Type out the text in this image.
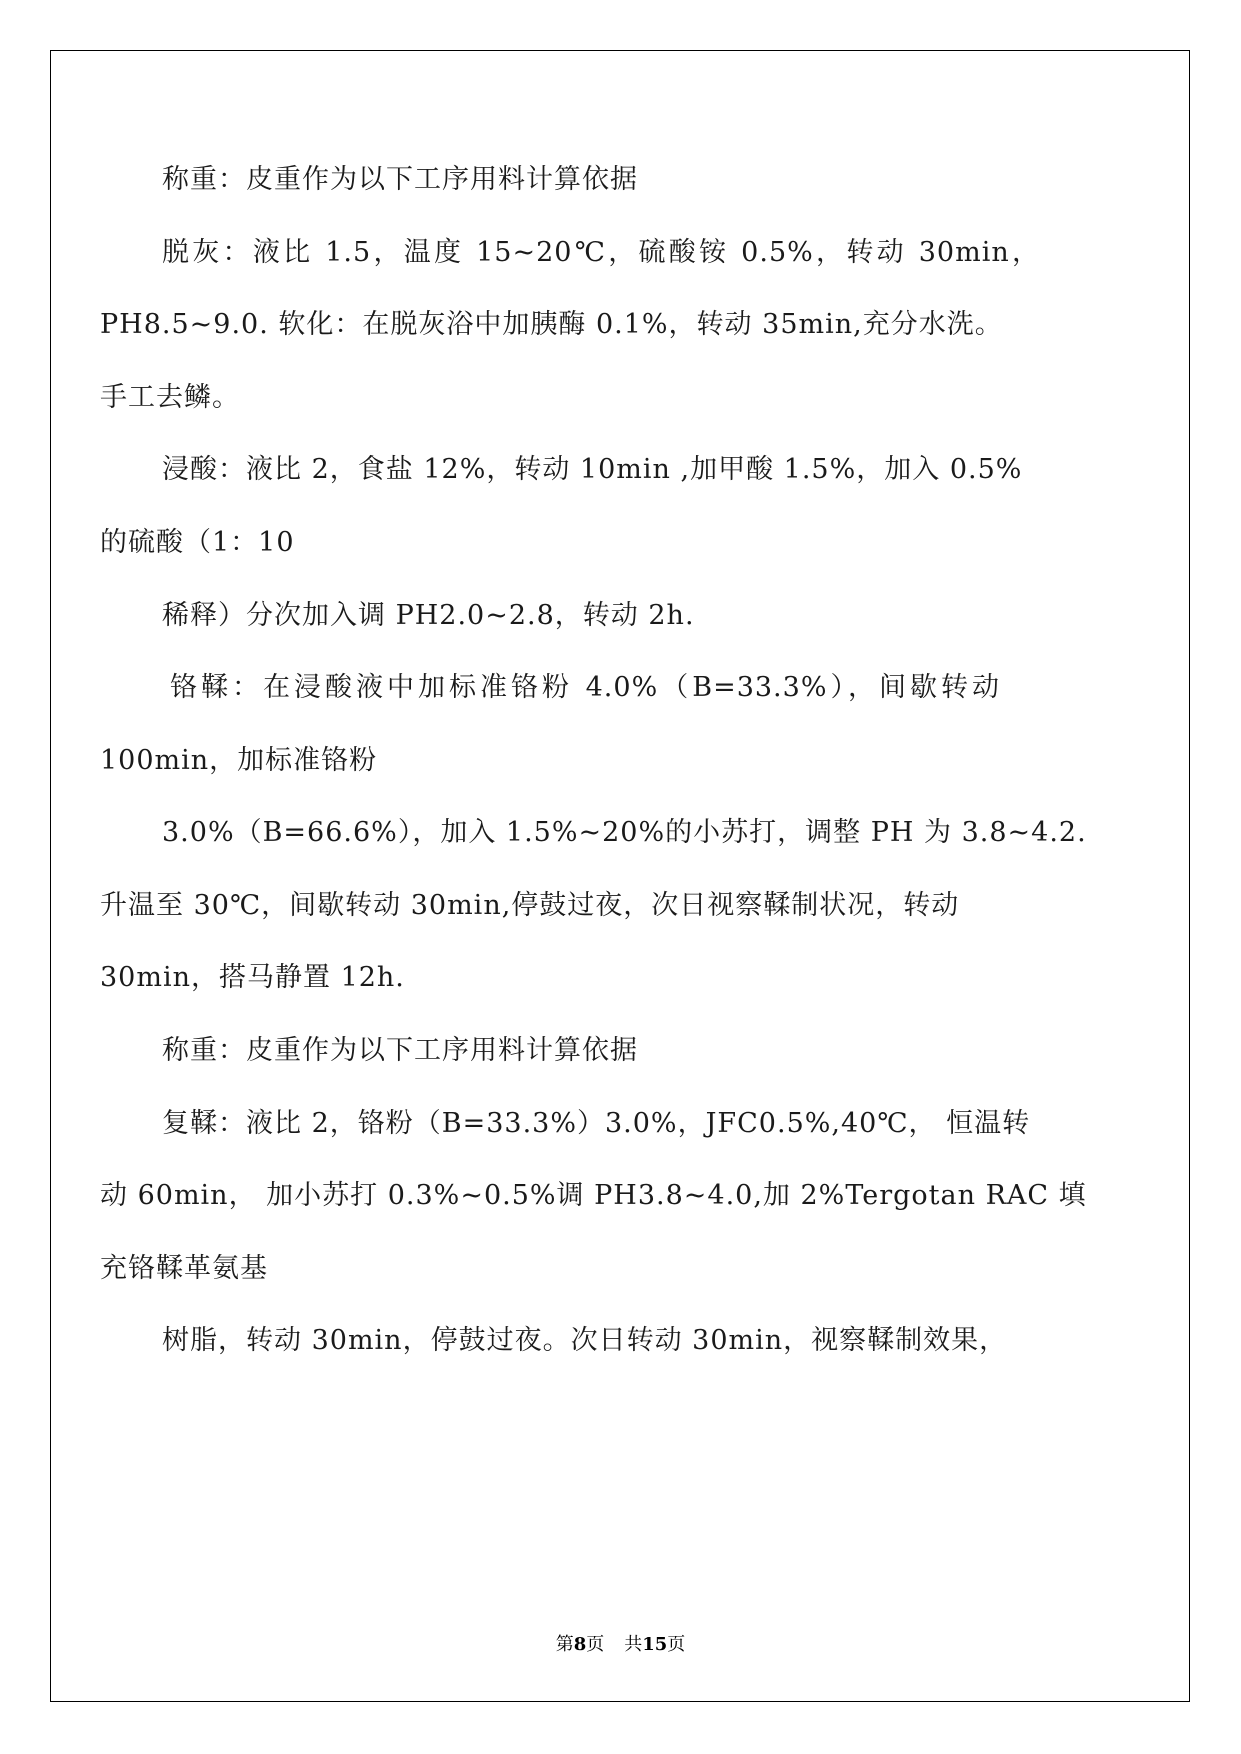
称重：皮重作为以下工序用料计算依据
脱灰：液比 1.5，温度 15~20℃，硫酸铵 0.5%，转动 30min，
PH8.5~9.0. 软化：在脱灰浴中加胰酶 0.1%，转动 35min,充分水洗。
手工去鳞。
浸酸：液比 2，食盐 12%，转动 10min ,加甲酸 1.5%，加入 0.5%
的硫酸（1：10
稀释）分次加入调 PH2.0~2.8，转动 2h.
铬鞣：在浸酸液中加标准铬粉 4.0%（B=33.3%），间歇转动
100min，加标准铬粉
3.0%（B=66.6%），加入 1.5%~20%的小苏打，调整 PH 为 3.8~4.2.
升温至 30℃，间歇转动 30min,停鼓过夜，次日视察鞣制状况，转动
30min，搭马静置 12h.
称重：皮重作为以下工序用料计算依据
复鞣：液比 2，铬粉（B=33.3%）3.0%，JFC0.5%,40℃， 恒温转
动 60min， 加小苏打 0.3%~0.5%调 PH3.8~4.0,加 2%Tergotan RAC 填
充铬鞣革氨基
树脂，转动 30min，停鼓过夜。次日转动 30min，视察鞣制效果，
第8页 共15页
